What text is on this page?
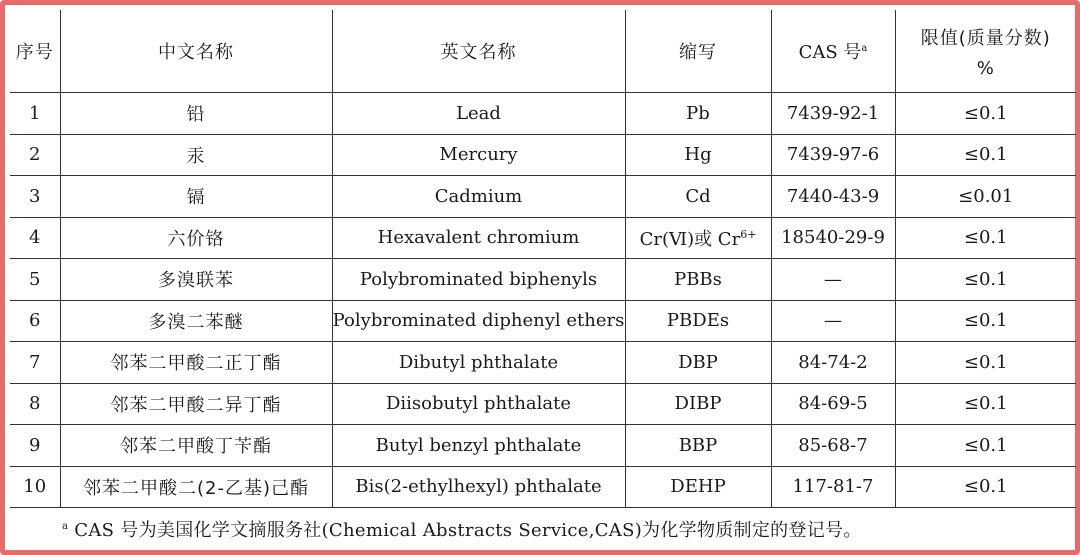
序号	中文名称	英文名称	缩写	CAS 号$^a$	限值(质量分数)
%

1	铅	Lead	Pb	7439-92-1	≤0.1
2	汞	Mercury	Hg	7439-97-6	≤0.1
3	镉	Cadmium	Cd	7440-43-9	≤0.01
4	六价铬	Hexavalent chromium	Cr(Ⅵ)或 $Cr^{6+}$	18540-29-9	≤0.1
5	多溴联苯	Polybrominated biphenyls	PBBs	—	≤0.1
6	多溴二苯醚	Polybrominated diphenyl ethers	PBDEs	—	≤0.1
7	邻苯二甲酸二正丁酯	Dibutyl phthalate	DBP	84-74-2	≤0.1
8	邻苯二甲酸二异丁酯	Diisobutyl phthalate	DIBP	84-69-5	≤0.1
9	邻苯二甲酸丁苄酯	Butyl benzyl phthalate	BBP	85-68-7	≤0.1
10	邻苯二甲酸二(2-乙基)己酯	Bis(2-ethylhexyl) phthalate	DEHP	117-81-7	≤0.1
$^a$ CAS 号为美国化学文摘服务社(Chemical Abstracts Service,CAS)为化学物质制定的登记号。					
